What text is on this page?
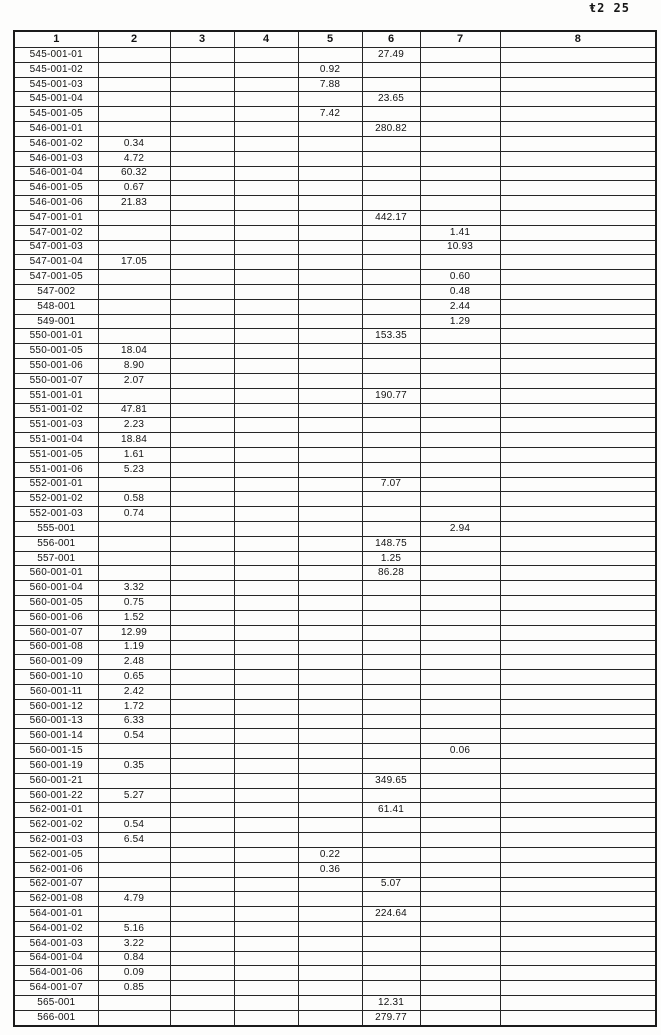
ŧ2 25
1	2	3	4	5	6	7	8
545-001-01					27.49		
545-001-02				0.92			
545-001-03				7.88			
545-001-04					23.65		
545-001-05				7.42			
546-001-01					280.82		
546-001-02	0.34						
546-001-03	4.72						
546-001-04	60.32						
546-001-05	0.67						
546-001-06	21.83						
547-001-01					442.17		
547-001-02						1.41	
547-001-03						10.93	
547-001-04	17.05						
547-001-05						0.60	
547-002						0.48	
548-001						2.44	
549-001						1.29	
550-001-01					153.35		
550-001-05	18.04						
550-001-06	8.90						
550-001-07	2.07						
551-001-01					190.77		
551-001-02	47.81						
551-001-03	2.23						
551-001-04	18.84						
551-001-05	1.61						
551-001-06	5.23						
552-001-01					7.07		
552-001-02	0.58						
552-001-03	0.74						
555-001						2.94	
556-001					148.75		
557-001					1.25		
560-001-01					86.28		
560-001-04	3.32						
560-001-05	0.75						
560-001-06	1.52						
560-001-07	12.99						
560-001-08	1.19						
560-001-09	2.48						
560-001-10	0.65						
560-001-11	2.42						
560-001-12	1.72						
560-001-13	6.33						
560-001-14	0.54						
560-001-15						0.06	
560-001-19	0.35						
560-001-21					349.65		
560-001-22	5.27						
562-001-01					61.41		
562-001-02	0.54						
562-001-03	6.54						
562-001-05				0.22			
562-001-06				0.36			
562-001-07					5.07		
562-001-08	4.79						
564-001-01					224.64		
564-001-02	5.16						
564-001-03	3.22						
564-001-04	0.84						
564-001-06	0.09						
564-001-07	0.85						
565-001					12.31		
566-001					279.77		
